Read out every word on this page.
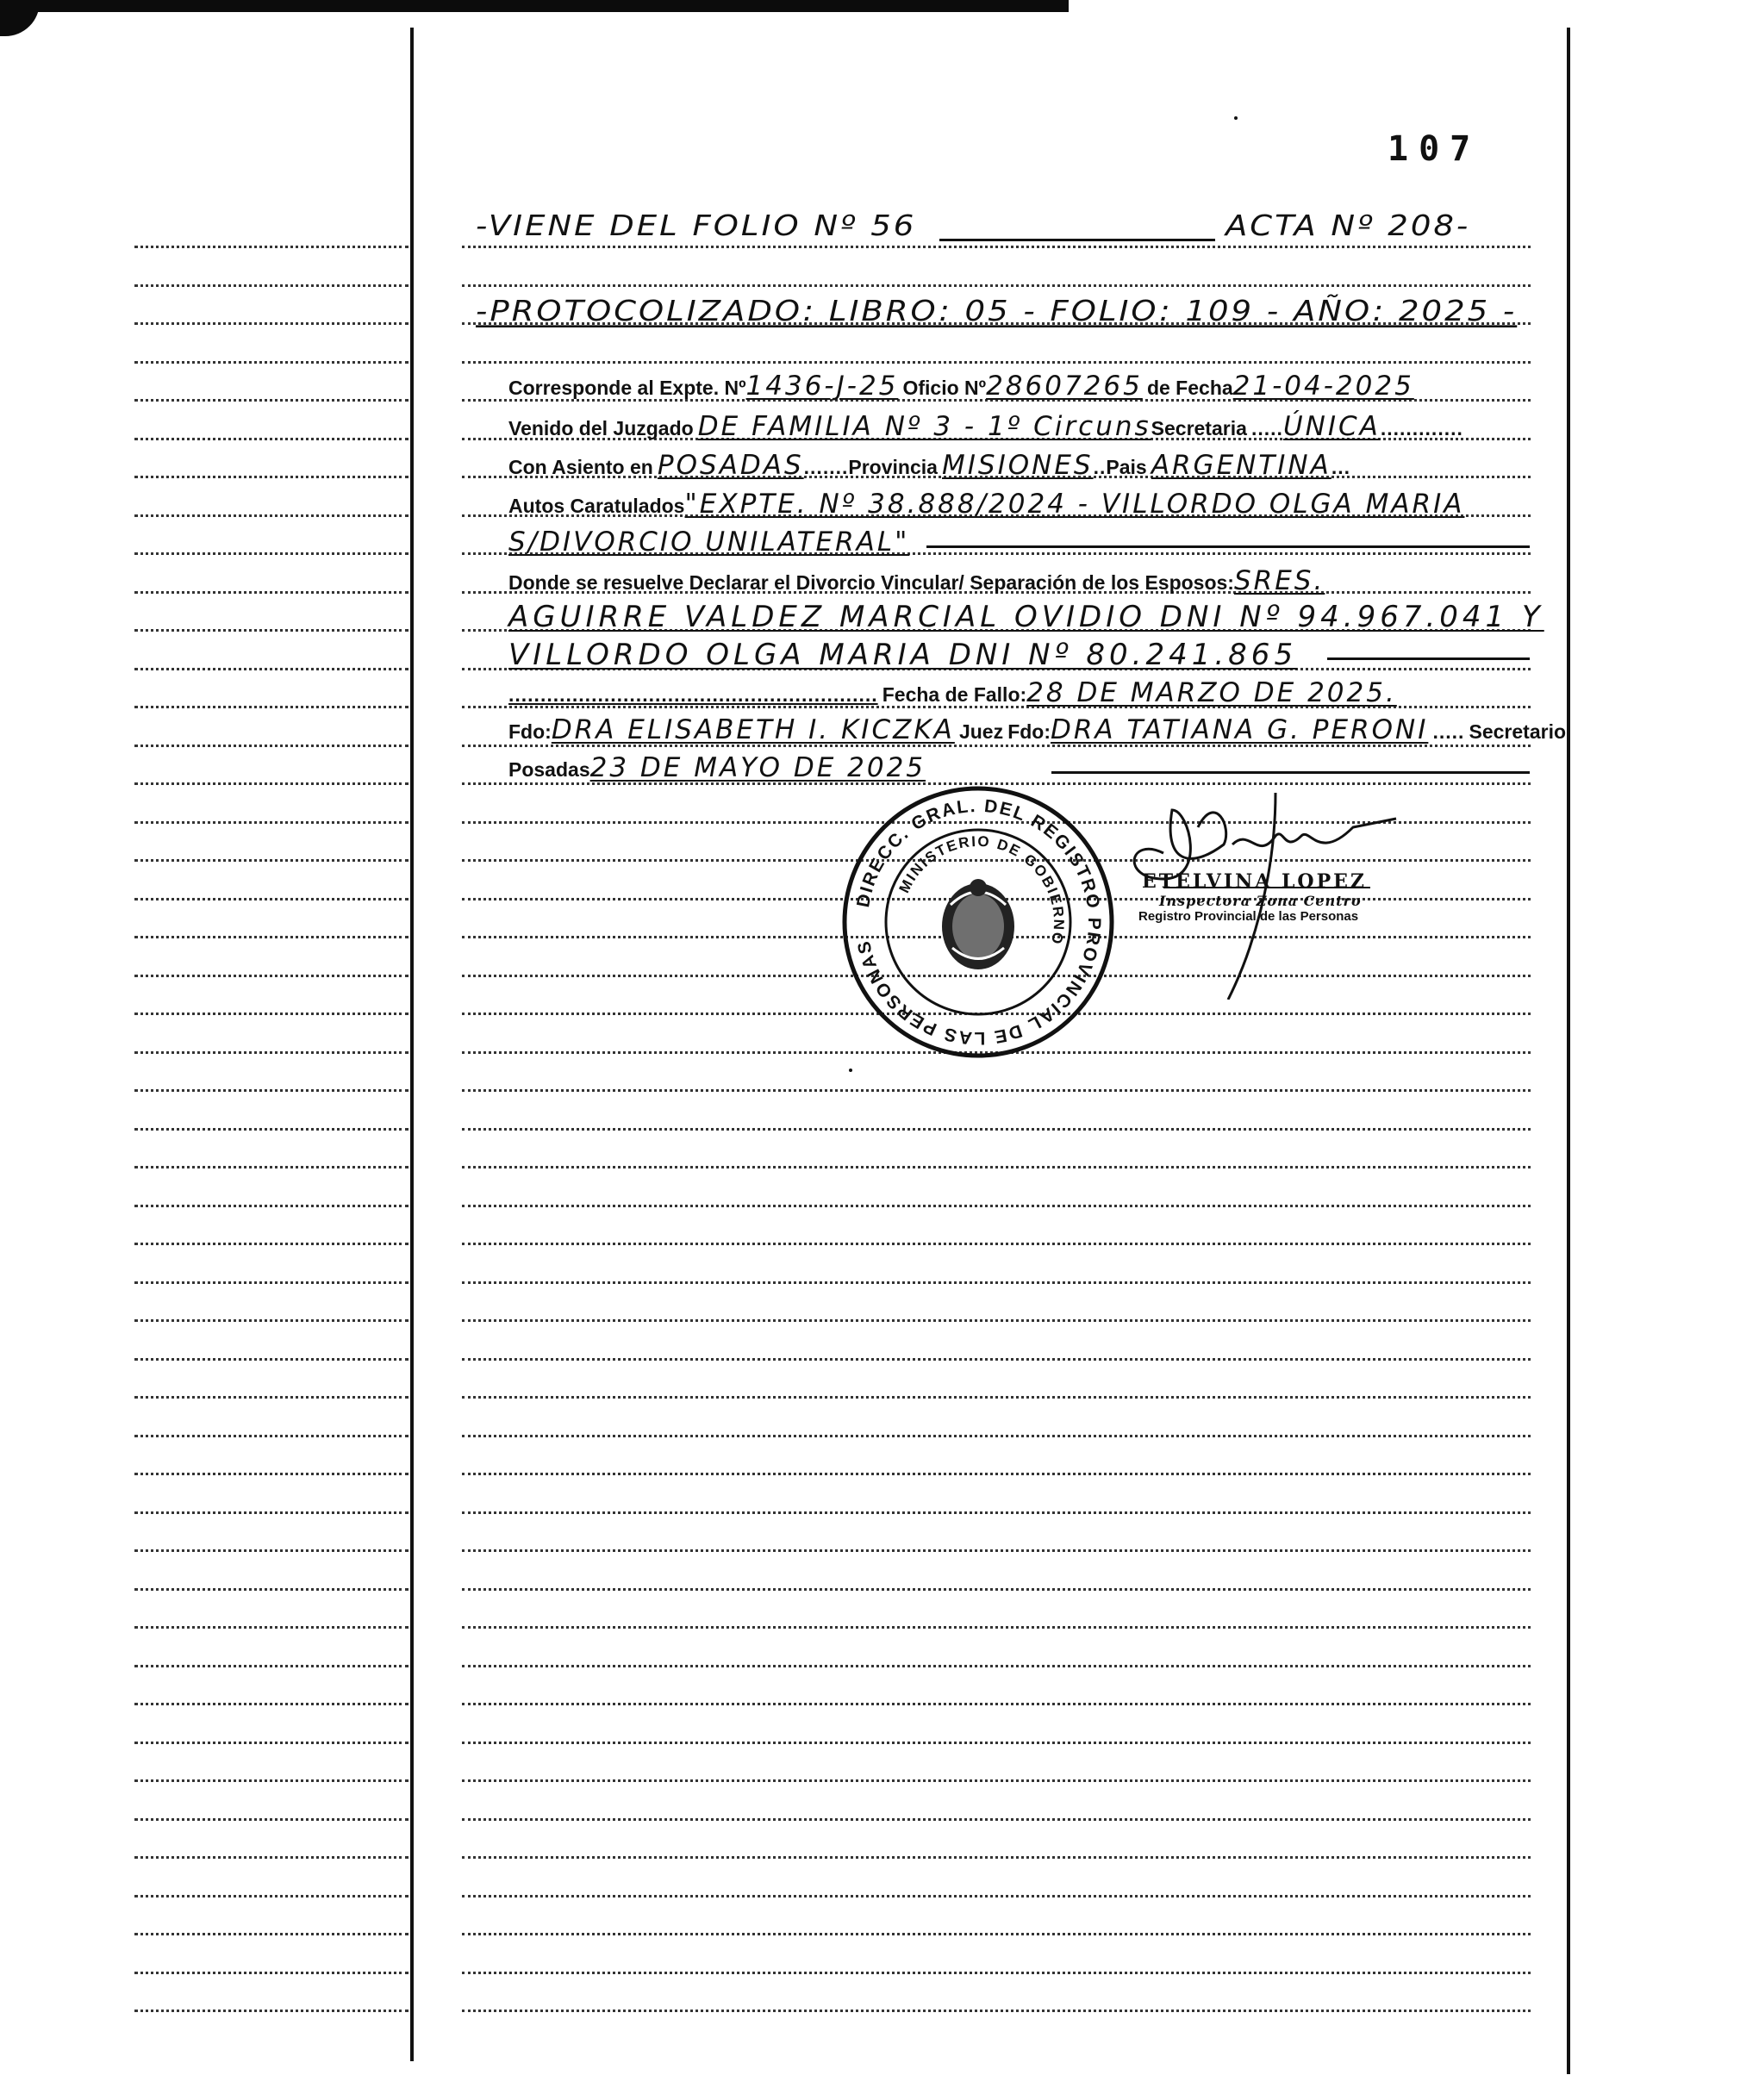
107
-VIENE DEL FOLIO Nº 56	ACTA Nº 208-
-PROTOCOLIZADO: LIBRO: 05 - FOLIO: 109 - AÑO: 2025 -
Corresponde al Expte. Nº1436-J-25 Oficio Nº28607265 de Fecha21-04-2025
Venido del Juzgado DE FAMILIA Nº 3 - 1º CircunsSecretaria .....ÚNICA.............
Con Asiento en POSADAS.......Provincia MISIONES..Pais ARGENTINA...
Autos Caratulados"EXPTE. Nº 38.888/2024 - VILLORDO OLGA MARIA
S/DIVORCIO UNILATERAL"
Donde se resuelve Declarar el Divorcio Vincular/ Separación de los Esposos:SRES.
AGUIRRE VALDEZ MARCIAL OVIDIO DNI Nº 94.967.041 Y
VILLORDO OLGA MARIA DNI Nº 80.241.865
.......................................................... Fecha de Fallo:28 DE MARZO DE 2025.
Fdo:DRA ELISABETH I. KICZKA Juez Fdo:DRA TATIANA G. PERONI ..... Secretario
Posadas23 DE MAYO DE 2025
DIRECC. GRAL. DEL REGISTRO PROVINCIAL DE LAS PERSONAS
MINISTERIO DE GOBIERNO
ETELVINA LOPEZ
Inspectora Zona Centro
Registro Provincial de las Personas
